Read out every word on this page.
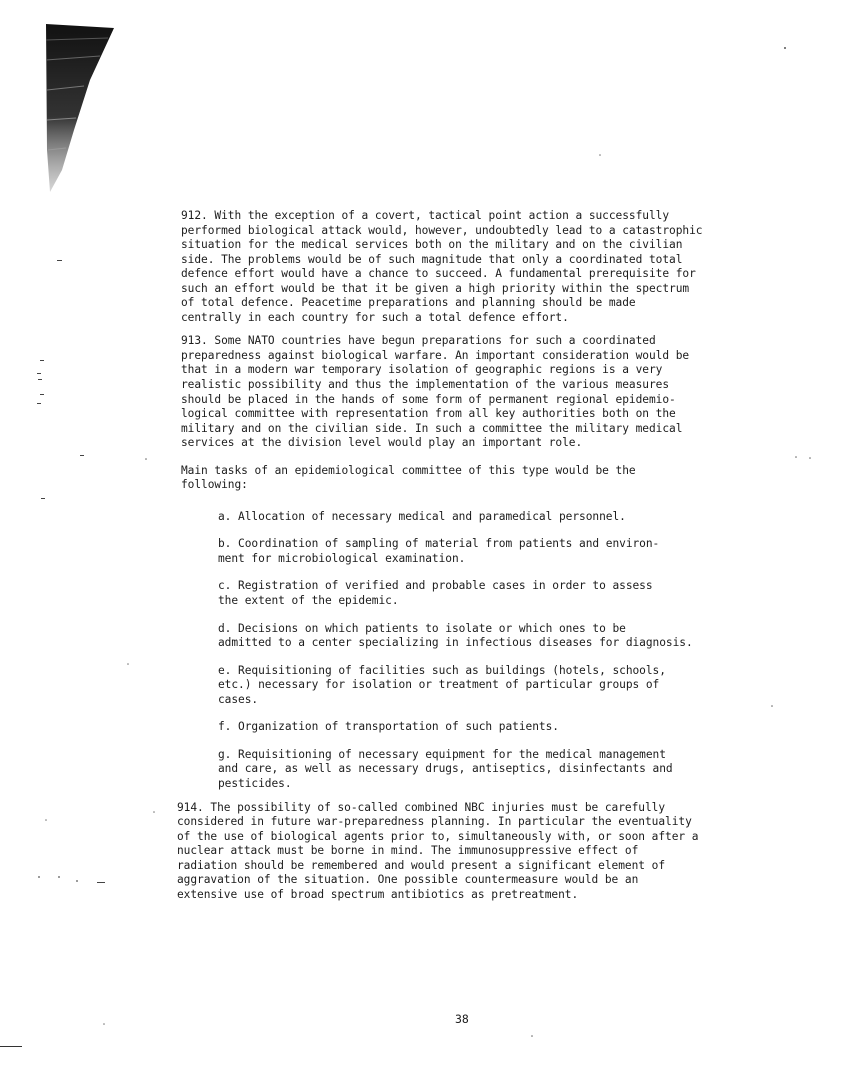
912. With the exception of a covert, tactical point action a successfully
performed biological attack would, however, undoubtedly lead to a catastrophic
situation for the medical services both on the military and on the civilian
side. The problems would be of such magnitude that only a coordinated total
defence effort would have a chance to succeed. A fundamental prerequisite for
such an effort would be that it be given a high priority within the spectrum
of total defence. Peacetime preparations and planning should be made
centrally in each country for such a total defence effort.

913. Some NATO countries have begun preparations for such a coordinated
preparedness against biological warfare. An important consideration would be
that in a modern war temporary isolation of geographic regions is a very
realistic possibility and thus the implementation of the various measures
should be placed in the hands of some form of permanent regional epidemio-
logical committee with representation from all key authorities both on the
military and on the civilian side. In such a committee the military medical
services at the division level would play an important role.

Main tasks of an epidemiological committee of this type would be the
following:

a. Allocation of necessary medical and paramedical personnel.
b. Coordination of sampling of material from patients and environ-
ment for microbiological examination.
c. Registration of verified and probable cases in order to assess
the extent of the epidemic.
d. Decisions on which patients to isolate or which ones to be
admitted to a center specializing in infectious diseases for diagnosis.
e. Requisitioning of facilities such as buildings (hotels, schools,
etc.) necessary for isolation or treatment of particular groups of
cases.
f. Organization of transportation of such patients.
g. Requisitioning of necessary equipment for the medical management
and care, as well as necessary drugs, antiseptics, disinfectants and
pesticides.

914. The possibility of so-called combined NBC injuries must be carefully
considered in future war-preparedness planning. In particular the eventuality
of the use of biological agents prior to, simultaneously with, or soon after a
nuclear attack must be borne in mind. The immunosuppressive effect of
radiation should be remembered and would present a significant element of
aggravation of the situation. One possible countermeasure would be an
extensive use of broad spectrum antibiotics as pretreatment.

38
